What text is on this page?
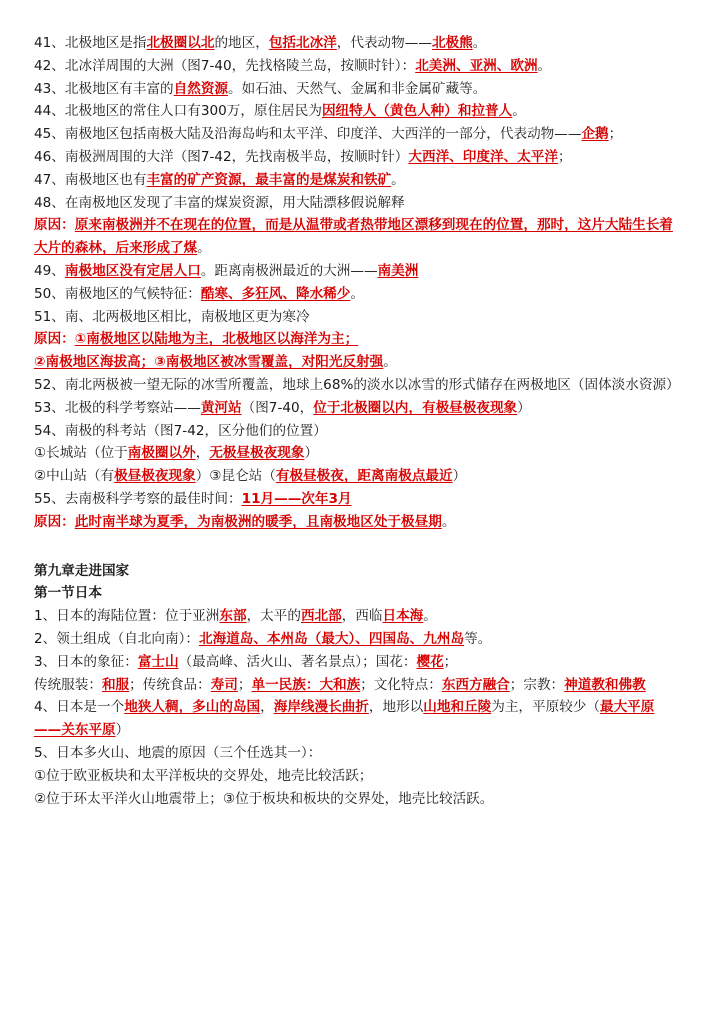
41、北极地区是指北极圈以北的地区，包括北冰洋，代表动物——北极熊。
42、北冰洋周围的大洲（图7-40，先找格陵兰岛，按顺时针）：北美洲、亚洲、欧洲。
43、北极地区有丰富的自然资源。如石油、天然气、金属和非金属矿藏等。
44、北极地区的常住人口有300万，原住居民为因纽特人（黄色人种）和拉普人。
45、南极地区包括南极大陆及沿海岛屿和太平洋、印度洋、大西洋的一部分，代表动物——企鹅；
46、南极洲周围的大洋（图7-42，先找南极半岛，按顺时针）大西洋、印度洋、太平洋；
47、南极地区也有丰富的矿产资源，最丰富的是煤炭和铁矿。
48、在南极地区发现了丰富的煤炭资源，用大陆漂移假说解释
原因：原来南极洲并不在现在的位置，而是从温带或者热带地区漂移到现在的位置，那时，这片大陆生长着大片的森林，后来形成了煤。
49、南极地区没有定居人口。距离南极洲最近的大洲——南美洲
50、南极地区的气候特征：酷寒、多狂风、降水稀少。
51、南、北两极地区相比，南极地区更为寒冷
原因：①南极地区以陆地为主，北极地区以海洋为主；
②南极地区海拔高；③南极地区被冰雪覆盖，对阳光反射强。
52、南北两极被一望无际的冰雪所覆盖，地球上68%的淡水以冰雪的形式储存在两极地区（固体淡水资源）
53、北极的科学考察站——黄河站（图7-40，位于北极圈以内，有极昼极夜现象）
54、南极的科考站（图7-42，区分他们的位置）
①长城站（位于南极圈以外，无极昼极夜现象）
②中山站（有极昼极夜现象）③昆仑站（有极昼极夜，距离南极点最近）
55、去南极科学考察的最佳时间：11月——次年3月
原因：此时南半球为夏季，为南极洲的暖季，且南极地区处于极昼期。
第九章走进国家
第一节日本
1、日本的海陆位置：位于亚洲东部，太平的西北部，西临日本海。
2、领土组成（自北向南）：北海道岛、本州岛（最大）、四国岛、九州岛等。
3、日本的象征：富士山（最高峰、活火山、著名景点）；国花：樱花；
传统服装：和服；传统食品：寿司；单一民族：大和族；文化特点：东西方融合；宗教：神道教和佛教
4、日本是一个地狭人稠，多山的岛国，海岸线漫长曲折，地形以山地和丘陵为主，平原较少（最大平原——关东平原）
5、日本多火山、地震的原因（三个任选其一）：
①位于欧亚板块和太平洋板块的交界处，地壳比较活跃；
②位于环太平洋火山地震带上；③位于板块和板块的交界处，地壳比较活跃。
